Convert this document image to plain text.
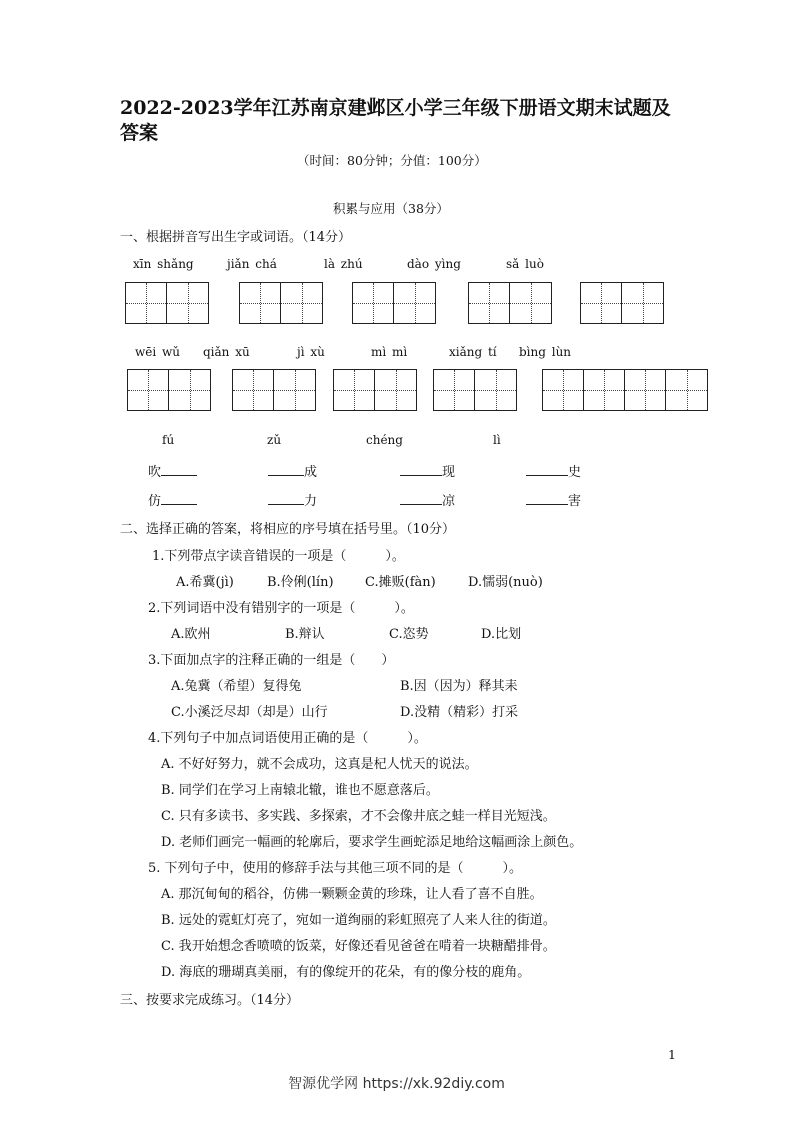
2022-2023学年江苏南京建邺区小学三年级下册语文期末试题及答案
（时间：80分钟；分值：100分）
积累与应用（38分）
一、根据拼音写出生字或词语。（14分）
xīn shǎng	jiǎn chá	là zhú	dào yìng	sǎ luò
wēi wǔ qiǎn xū	jì xù	mì mì	xiǎng tí bìng lùn
fú	zǔ	chéng	lì
吹	成	现	史
仿	力	凉	害
二、选择正确的答案，将相应的序号填在括号里。（10分）
1.下列带点字读音错误的一项是（　　　）。
A.希冀(jì)	B.伶俐(lín) C.摊贩(fàn) D.懦弱(nuò)
2.下列词语中没有错别字的一项是（　　　）。
A.欧州	B.辩认	C.恣势	D.比划
3.下面加点字的注释正确的一组是（　　）
A.兔冀（希望）复得兔	B.因（因为）释其耒
C.小溪泛尽却（却是）山行	D.没精（精彩）打采
4.下列句子中加点词语使用正确的是（　　　）。
A. 不好好努力，就不会成功，这真是杞人忧天的说法。
B. 同学们在学习上南辕北辙，谁也不愿意落后。
C. 只有多读书、多实践、多探索，才不会像井底之蛙一样目光短浅。
D. 老师们画完一幅画的轮廓后，要求学生画蛇添足地给这幅画涂上颜色。
5. 下列句子中，使用的修辞手法与其他三项不同的是（　　　）。
A. 那沉甸甸的稻谷，仿佛一颗颗金黄的珍珠，让人看了喜不自胜。
B. 远处的霓虹灯亮了，宛如一道绚丽的彩虹照亮了人来人往的街道。
C. 我开始想念香喷喷的饭菜，好像还看见爸爸在啃着一块糖醋排骨。
D. 海底的珊瑚真美丽，有的像绽开的花朵，有的像分枝的鹿角。
三、按要求完成练习。（14分）
1
智源优学网 https://xk.92diy.com
